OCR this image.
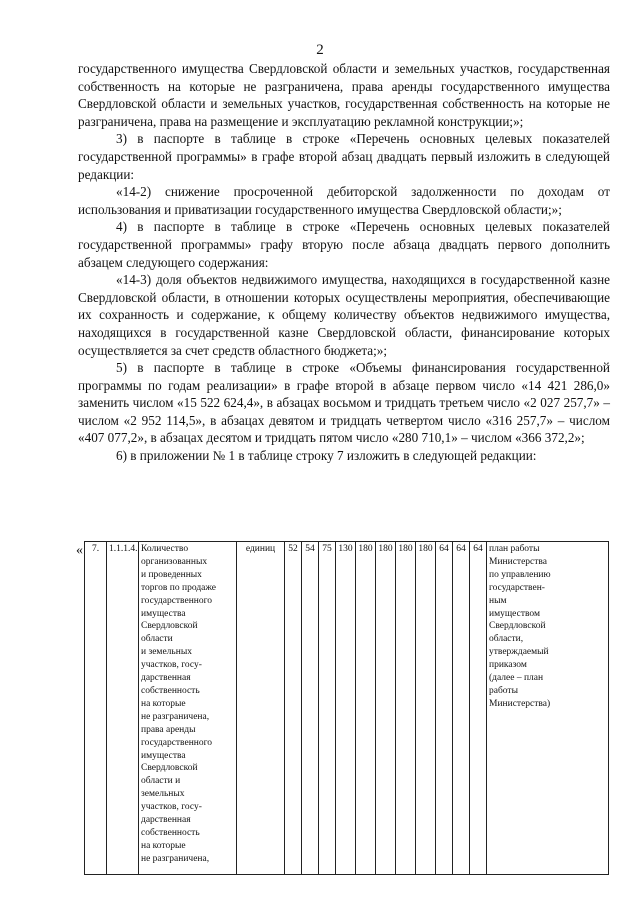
2

государственного имущества Свердловской области и земельных участков, государственная собственность на которые не разграничена, права аренды государственного имущества Свердловской области и земельных участков, государственная собственность на которые не разграничена, права на размещение и эксплуатацию рекламной конструкции;»;

3) в паспорте в таблице в строке «Перечень основных целевых показателей государственной программы» в графе второй абзац двадцать первый изложить в следующей редакции:

«14-2) снижение просроченной дебиторской задолженности по доходам от использования и приватизации государственного имущества Свердловской области;»;

4) в паспорте в таблице в строке «Перечень основных целевых показателей государственной программы» графу вторую после абзаца двадцать первого дополнить абзацем следующего содержания:

«14-3) доля объектов недвижимого имущества, находящихся в государственной казне Свердловской области, в отношении которых осуществлены мероприятия, обеспечивающие их сохранность и содержание, к общему количеству объектов недвижимого имущества, находящихся в государственной казне Свердловской области, финансирование которых осуществляется за счет средств областного бюджета;»;

5) в паспорте в таблице в строке «Объемы финансирования государственной программы по годам реализации» в графе второй в абзаце первом число «14 421 286,0» заменить числом «15 522 624,4», в абзацах восьмом и тридцать третьем число «2 027 257,7» – числом «2 952 114,5», в абзацах девятом и тридцать четвертом число «316 257,7» – числом «407 077,2», в абзацах десятом и тридцать пятом число «280 710,1» – числом «366 372,2»;

6) в приложении № 1 в таблице строку 7 изложить в следующей редакции:

« 7.	1.1.1.4.	Количество
организованных
и проведенных
торгов по продаже
государственного
имущества
Свердловской
области
и земельных
участков, госу-
дарственная
собственность
на которые
не разграничена,
права аренды
государственного
имущества
Свердловской
области и
земельных
участков, госу-
дарственная
собственность
на которые
не разграничена,
	единиц	52	54	75	130	180	180	180	180	64	64	64	план работы
Министерства
по управлению
государствен-
ным
имуществом
Свердловской
области,
утверждаемый
приказом
(далее – план
работы
Министерства)
